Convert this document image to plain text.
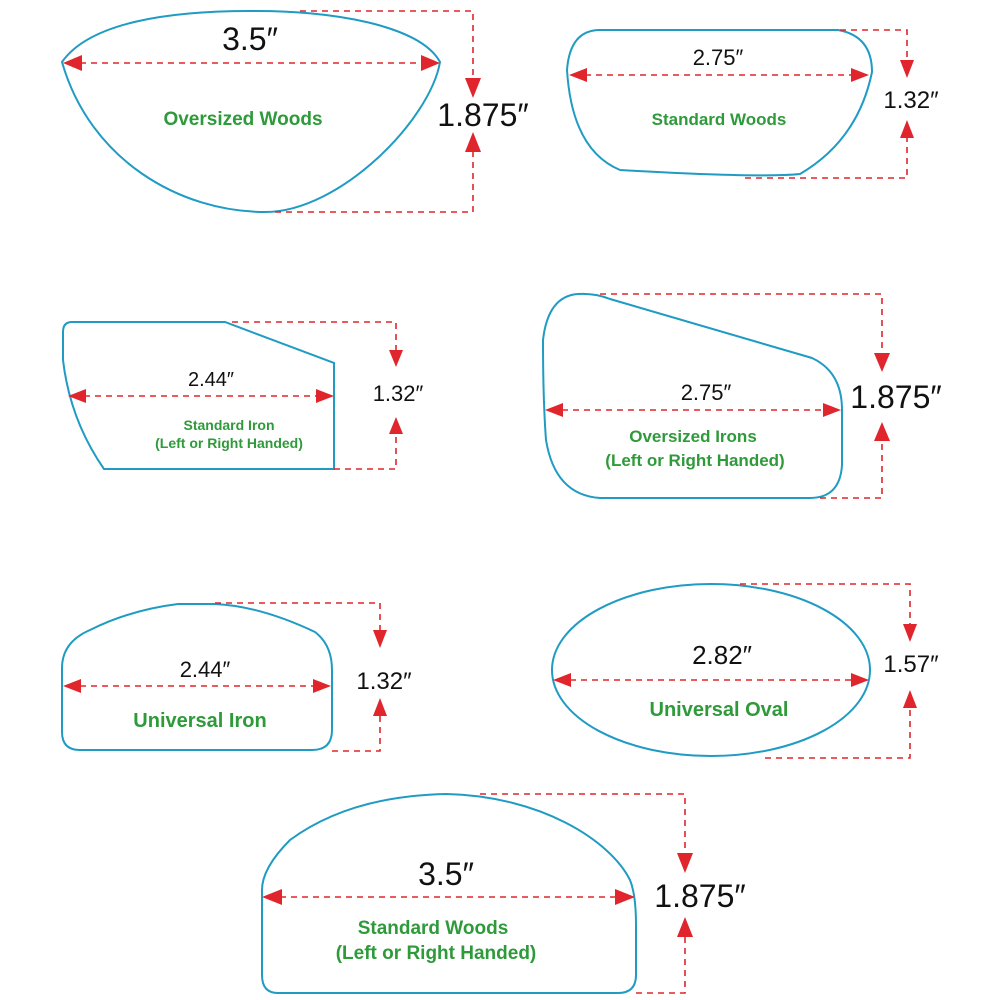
3.5″
1.875″
Oversized Woods
2.75″
1.32″
Standard Woods
2.44″
1.32″
Standard Iron
(Left or Right Handed)
2.75″	1.875″
Oversized Irons
(Left or Right Handed)
2.44″	1.32″
Universal Iron
2.82″	1.57″
Universal Oval
3.5″
1.875″
Standard Woods
(Left or Right Handed)
